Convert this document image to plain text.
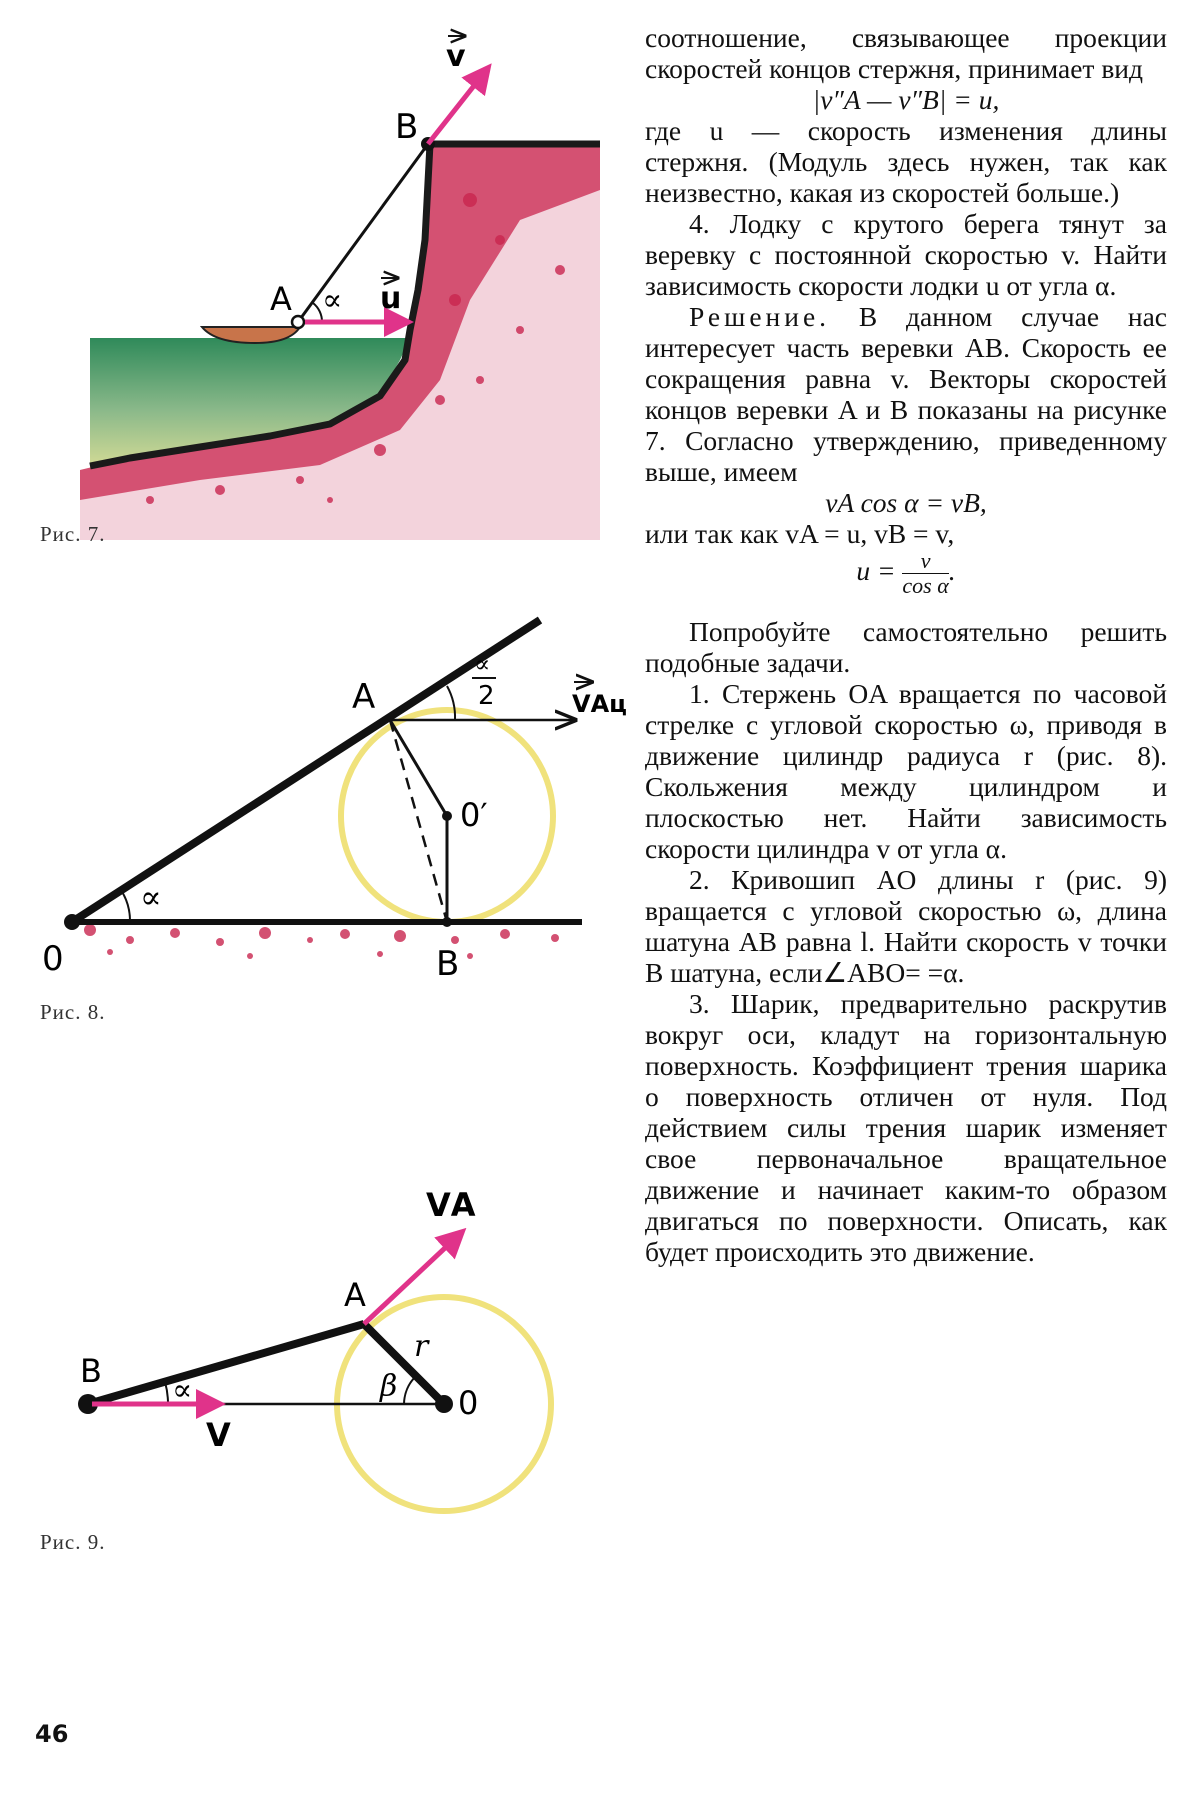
v
B
A ∝ u
Рис. 7.
A
∝
2	VАц
0′
∝
0	B
Рис. 8.
VА
A
B
∝
r
β 0
V
Рис. 9.

соотношение, связывающее проекции скоростей концов стержня, принимает вид

|v″A — v″B| = u,

где u — скорость изменения длины стержня. (Модуль здесь нужен, так как неизвестно, какая из скоростей больше.)

4. Лодку с крутого берега тянут за веревку с постоянной скоростью v. Найти зависимость скорости лодки u от угла α.

Решение. В данном случае нас интересует часть веревки AB. Скорость ее сокращения равна v. Векторы скоростей концов веревки A и B показаны на рисунке 7. Согласно утверждению, приведенному выше, имеем

vA cos α = vB,

или так как vA = u, vB = v,

$u = \frac{v}{\text{cos α}}$ .

Попробуйте самостоятельно решить подобные задачи.

1. Стержень OA вращается по часовой стрелке с угловой скоростью ω, приводя в движение цилиндр радиуса r (рис. 8). Скольжения между цилиндром и плоскостью нет. Найти зависимость скорости цилиндра v от угла α.

2. Кривошип AO длины r (рис. 9) вращается с угловой скоростью ω, длина шатуна AB равна l. Найти скорость v точки B шатуна, если∠ABO= =α.

3. Шарик, предварительно раскрутив вокруг оси, кладут на горизонтальную поверхность. Коэффициент трения шарика о поверхность отличен от нуля. Под действием силы трения шарик изменяет свое первоначальное вращательное движение и начинает каким-то образом двигаться по поверхности. Описать, как будет происходить это движение.

46
